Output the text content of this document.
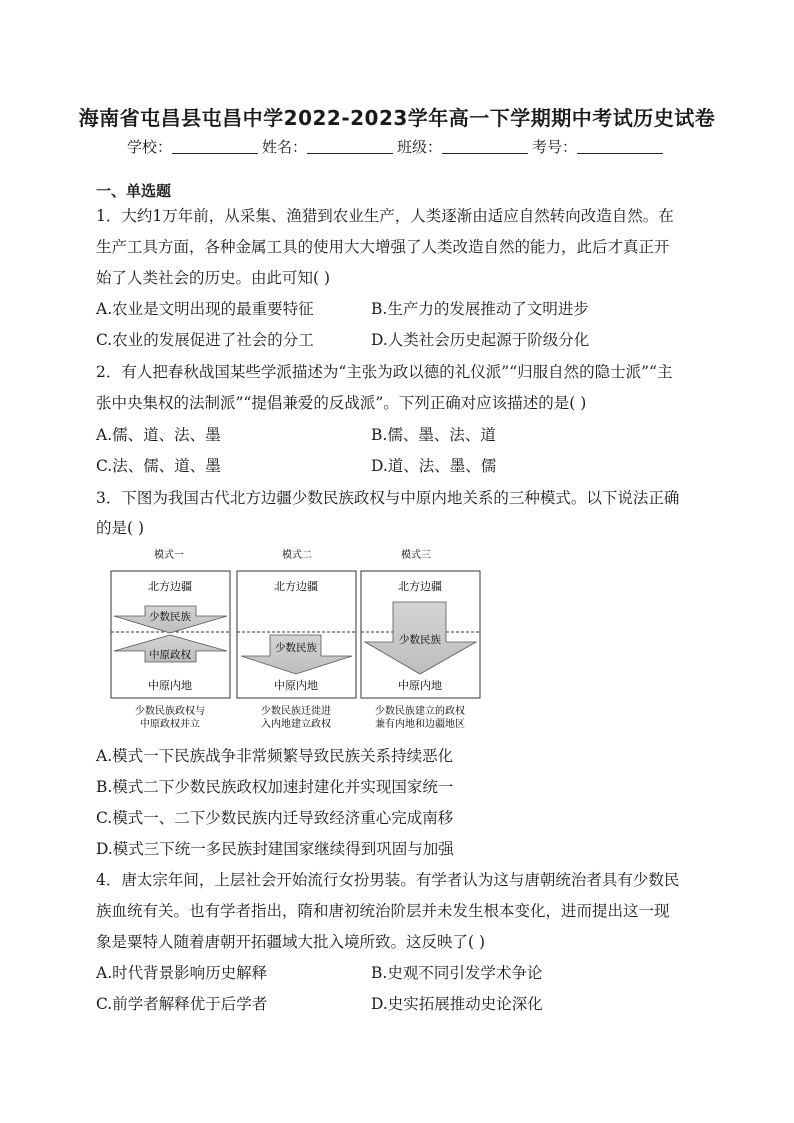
海南省屯昌县屯昌中学2022-2023学年高一下学期期中考试历史试卷
学校：	姓名：	班级：	考号：
一、单选题
1．大约1万年前，从采集、渔猎到农业生产，人类逐渐由适应自然转向改造自然。在
生产工具方面，各种金属工具的使用大大增强了人类改造自然的能力，此后才真正开
始了人类社会的历史。由此可知( )
A.农业是文明出现的最重要特征	B.生产力的发展推动了文明进步
C.农业的发展促进了社会的分工	D.人类社会历史起源于阶级分化
2．有人把春秋战国某些学派描述为“主张为政以德的礼仪派”“归服自然的隐士派”“主
张中央集权的法制派”“提倡兼爱的反战派”。下列正确对应该描述的是( )
A.儒、道、法、墨	B.儒、墨、法、道
C.法、儒、道、墨	D.道、法、墨、儒
3．下图为我国古代北方边疆少数民族政权与中原内地关系的三种模式。以下说法正确
的是( )
模式一
北方边疆
少数民族
中原政权
中原内地
少数民族政权与
中原政权并立
模式二
北方边疆
少数民族
中原内地
少数民族迁徙进
入内地建立政权
模式三
北方边疆
少数民族
中原内地
少数民族建立的政权
兼有内地和边疆地区
A.模式一下民族战争非常频繁导致民族关系持续恶化
B.模式二下少数民族政权加速封建化并实现国家统一
C.模式一、二下少数民族内迁导致经济重心完成南移
D.模式三下统一多民族封建国家继续得到巩固与加强
4．唐太宗年间，上层社会开始流行女扮男装。有学者认为这与唐朝统治者具有少数民
族血统有关。也有学者指出，隋和唐初统治阶层并未发生根本变化，进而提出这一现
象是粟特人随着唐朝开拓疆域大批入境所致。这反映了( )
A.时代背景影响历史解释	B.史观不同引发学术争论
C.前学者解释优于后学者	D.史实拓展推动史论深化
